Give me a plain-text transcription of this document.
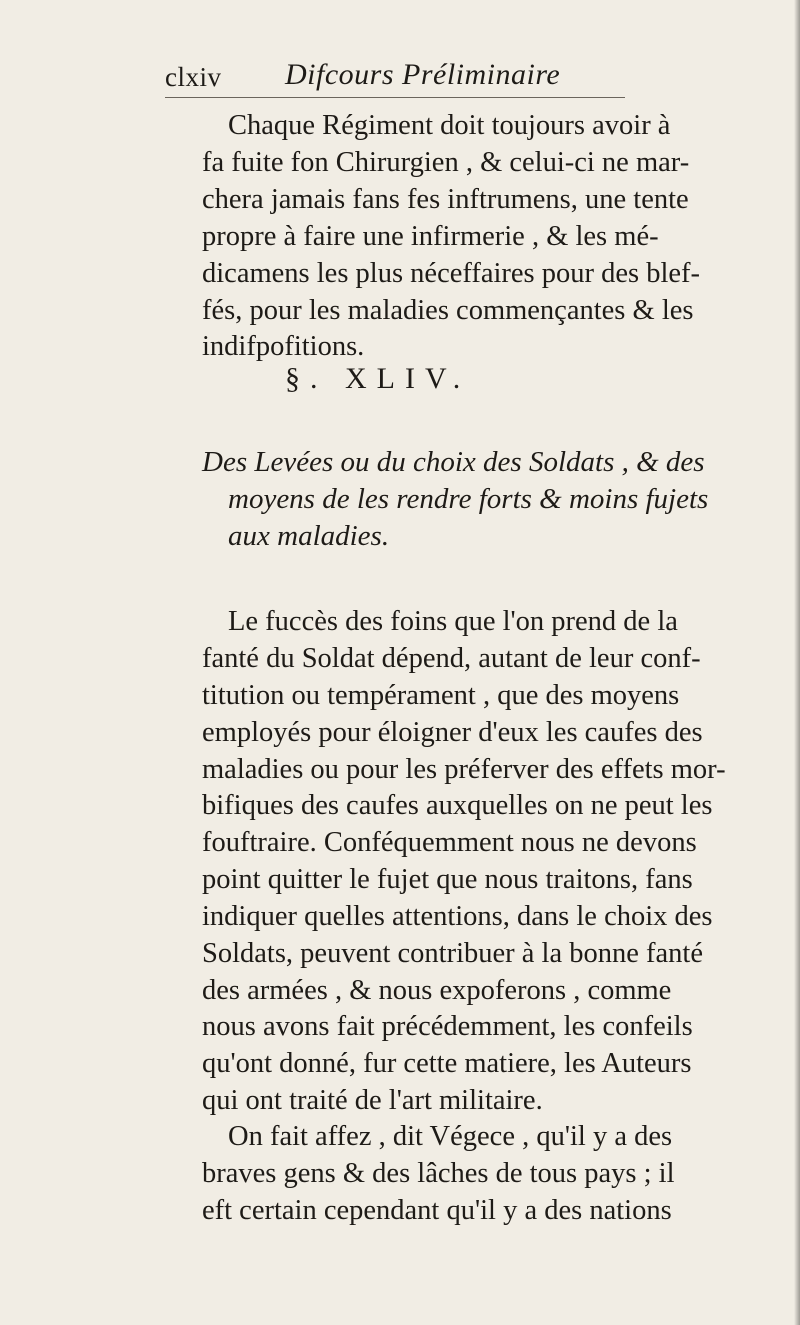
clxiv Difcours Préliminaire
Chaque Régiment doit toujours avoir à
fa fuite fon Chirurgien , & celui-ci ne mar-
chera jamais fans fes inftrumens, une tente
propre à faire une infirmerie , & les mé-
dicamens les plus néceffaires pour des blef-
fés, pour les maladies commençantes & les
indifpofitions.
§. XLIV.
Des Levées ou du choix des Soldats , & des
moyens de les rendre forts & moins fujets
aux maladies.
Le fuccès des foins que l'on prend de la
fanté du Soldat dépend, autant de leur conf-
titution ou tempérament , que des moyens
employés pour éloigner d'eux les caufes des
maladies ou pour les préferver des effets mor-
bifiques des caufes auxquelles on ne peut les
fouftraire. Conféquemment nous ne devons
point quitter le fujet que nous traitons, fans
indiquer quelles attentions, dans le choix des
Soldats, peuvent contribuer à la bonne fanté
des armées , & nous expoferons , comme
nous avons fait précédemment, les confeils
qu'ont donné, fur cette matiere, les Auteurs
qui ont traité de l'art militaire.
On fait affez , dit Végece , qu'il y a des
braves gens & des lâches de tous pays ; il
eft certain cependant qu'il y a des nations
